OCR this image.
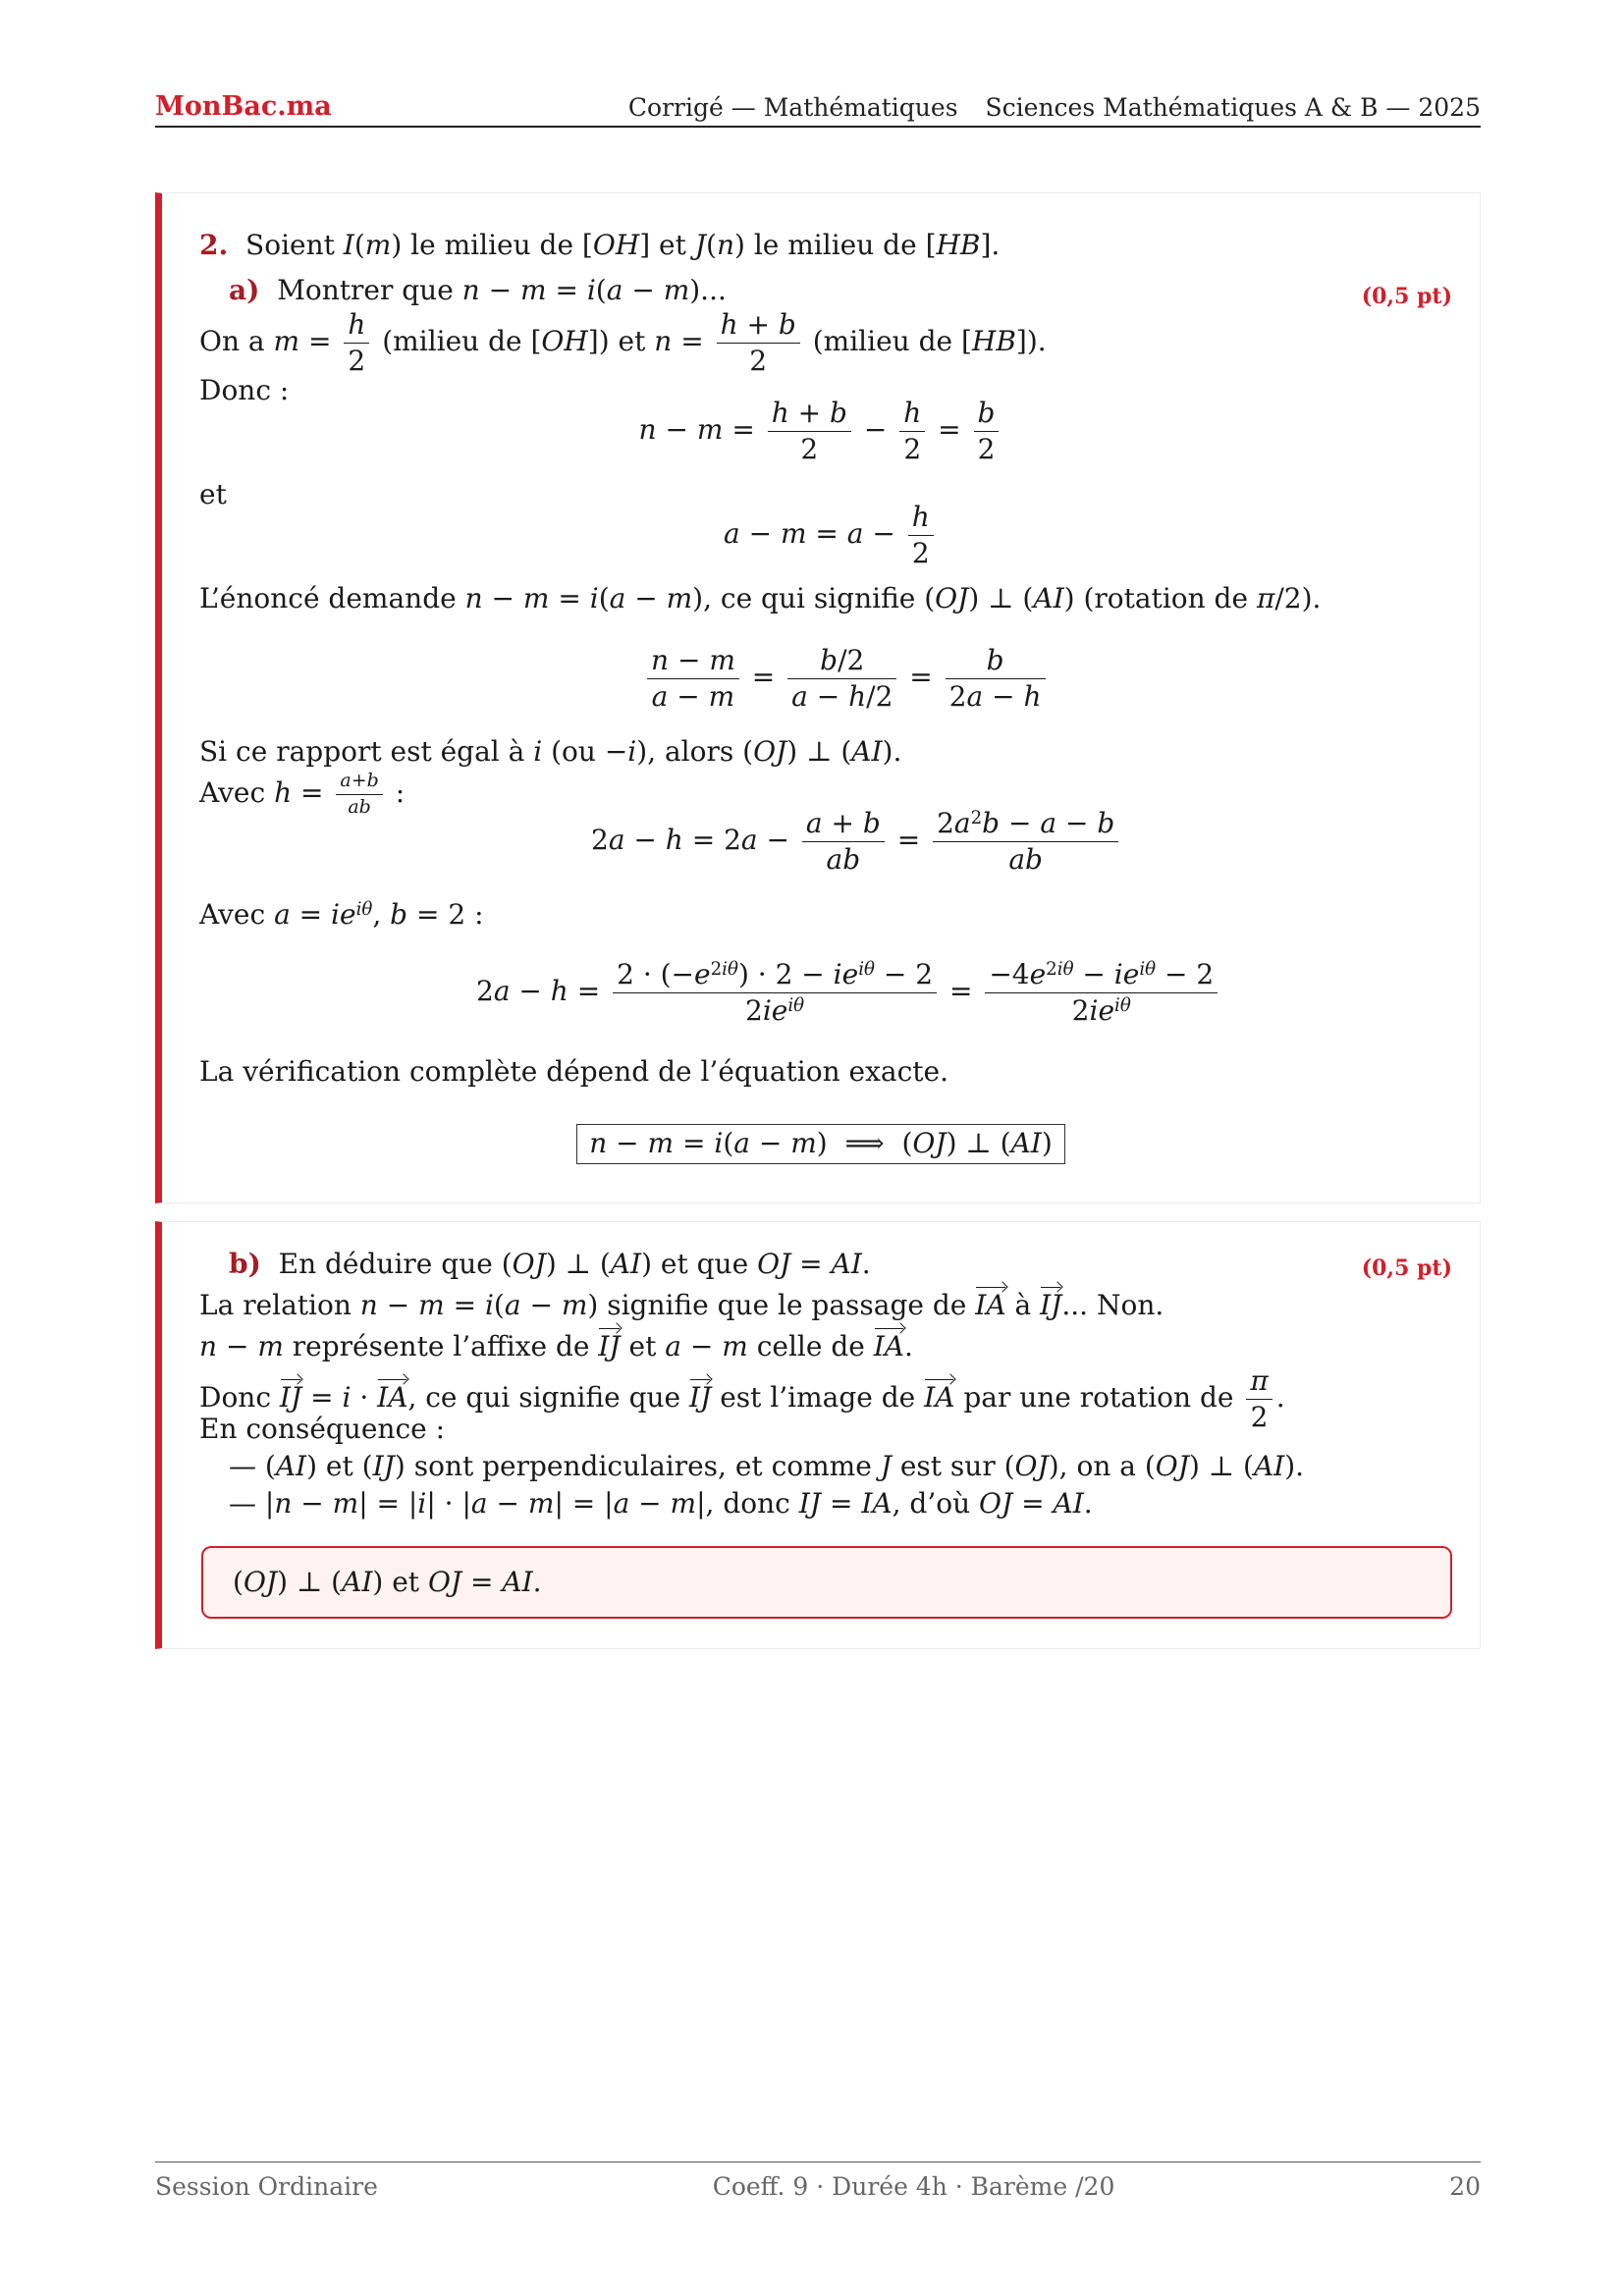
MonBac.ma	Corrigé — Mathématiques Sciences Mathématiques A & B — 2025
2.  Soient I(m) le milieu de [OH] et J(n) le milieu de [HB].
a)  Montrer que n − m = i(a − m)...	(0,5 pt)
On a $m = \frac{h}{2}$ (milieu de [OH]) et $n = \frac{h + b}{2}$ (milieu de [HB]).
Donc :
$n - m = \frac{h + b}{2} - \frac{h}{2} = \frac{b}{2}$
et
$a - m = a - \frac{h}{2}$
L’énoncé demande n − m = i(a − m), ce qui signifie (OJ) ⊥ (AI) (rotation de π/2).
$\frac{n - m}{a - m} = \frac{b/2}{a - h/2} = \frac{b}{2a - h}$
Si ce rapport est égal à i (ou −i), alors (OJ) ⊥ (AI).
Avec $h = \frac{a+b}{ab}$ :
$2a - h = 2a - \frac{a + b}{ab} = \frac{2a^2b - a - b}{ab}$
Avec $a = ie^{i\theta}$, b = 2 :
$2a - h = \frac{2 \cdot (-e^{2i\theta}) \cdot 2 - ie^{i\theta} - 2}{2ie^{i\theta}} = \frac{-4e^{2i\theta} - ie^{i\theta} - 2}{2ie^{i\theta}}$
La vérification complète dépend de l’équation exacte.
n − m = i(a − m)  ⟹  (OJ) ⊥ (AI)
b)  En déduire que (OJ) ⊥ (AI) et que OJ = AI.	(0,5 pt)
La relation n − m = i(a − m) signifie que le passage de IA à IJ... Non.
n − m représente l’affixe de IJ et a − m celle de IA.
Donc IJ = i · IA, ce qui signifie que IJ est l’image de IA par une rotation de $\frac{\pi}{2}$ .
En conséquence :
— (AI) et (IJ) sont perpendiculaires, et comme J est sur (OJ), on a (OJ) ⊥ (AI).
— |n − m| = |i| · |a − m| = |a − m|, donc IJ = IA, d’où OJ = AI.
(OJ) ⊥ (AI) et OJ = AI.
Session Ordinaire	Coeff. 9 · Durée 4h · Barème /20	20
